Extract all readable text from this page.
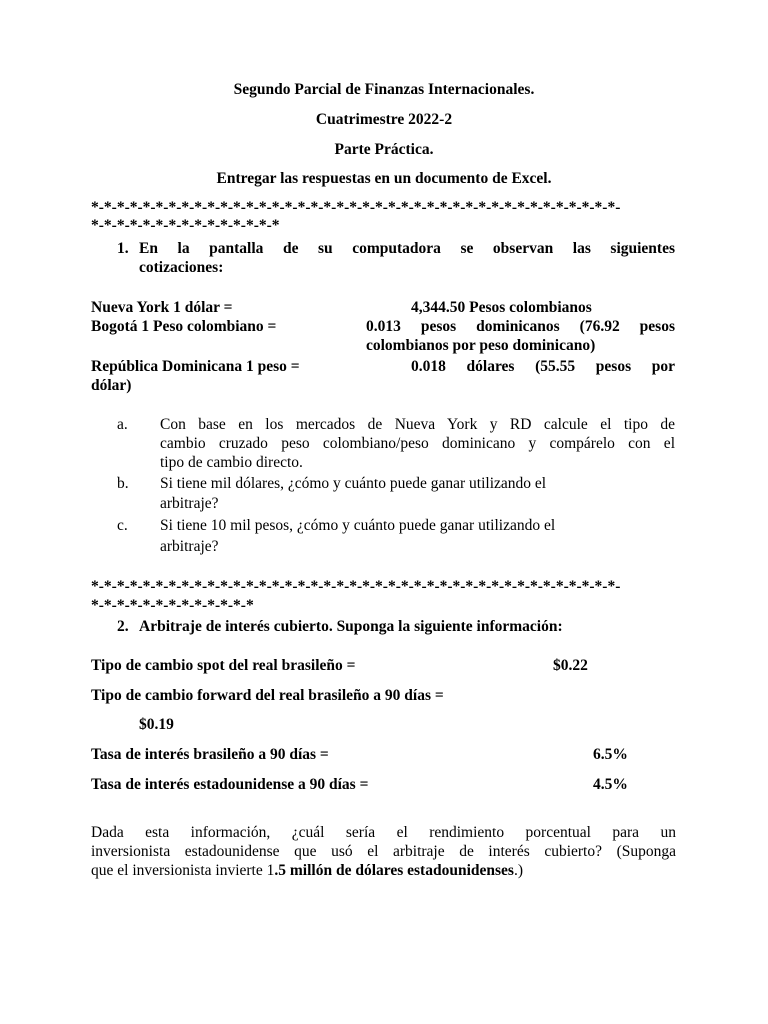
Segundo Parcial de Finanzas Internacionales.
Cuatrimestre 2022-2
Parte Práctica.
Entregar las respuestas en un documento de Excel.
*-*-*-*-*-*-*-*-*-*-*-*-*-*-*-*-*-*-*-*-*-*-*-*-*-*-*-*-*-*-*-*-*-*-*-*-*-*-*-*-*-
*-*-*-*-*-*-*-*-*-*-*-*-*-*-*
1. En la pantalla de su computadora se observan las siguientes
cotizaciones:
Nueva York 1 dólar =	4,344.50 Pesos colombianos
Bogotá 1 Peso colombiano =	0.013 pesos dominicanos (76.92 pesos
colombianos por peso dominicano)
República Dominicana 1 peso =	0.018 dólares (55.55 pesos por
dólar)
a. Con base en los mercados de Nueva York y RD calcule el tipo de
cambio cruzado peso colombiano/peso dominicano y compárelo con el
tipo de cambio directo.
b. Si tiene mil dólares, ¿cómo y cuánto puede ganar utilizando el
arbitraje?
c. Si tiene 10 mil pesos, ¿cómo y cuánto puede ganar utilizando el
arbitraje?
*-*-*-*-*-*-*-*-*-*-*-*-*-*-*-*-*-*-*-*-*-*-*-*-*-*-*-*-*-*-*-*-*-*-*-*-*-*-*-*-*-
*-*-*-*-*-*-*-*-*-*-*-*-*
2. Arbitraje de interés cubierto. Suponga la siguiente información:
Tipo de cambio spot del real brasileño =	$0.22
Tipo de cambio forward del real brasileño a 90 días =
$0.19
Tasa de interés brasileño a 90 días =	6.5%
Tasa de interés estadounidense a 90 días =	4.5%
Dada esta información, ¿cuál sería el rendimiento porcentual para un
inversionista estadounidense que usó el arbitraje de interés cubierto? (Suponga
que el inversionista invierte 1.5 millón de dólares estadounidenses.)
